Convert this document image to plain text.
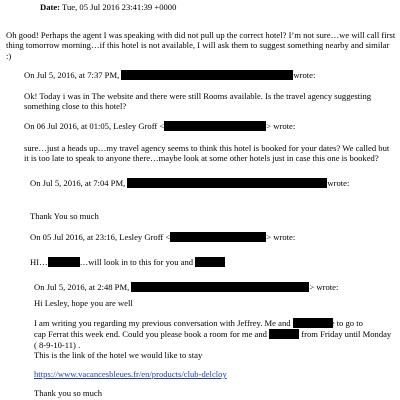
Date: Tue, 05 Jul 2016 23:41:39 +0000
Oh good! Perhaps the agent I was speaking with did not pull up the correct hotel? I’m not sure…we will call first thing tomorrow morning…if this hotel is not available, I will ask them to suggest something nearby and similar :)
On Jul 5, 2016, at 7:37 PM,	wrote:
Ok! Today i was in The website and there were still Rooms available. Is the travel agency suggesting something close to this hotel?
On 06 Jul 2016, at 01:05, Lesley Groff <	> wrote:
sure…just a heads up…my travel agency seems to think this hotel is booked for your dates? We called but it is too late to speak to anyone there…maybe look at some other hotels just in case this one is booked?
On Jul 5, 2016, at 7:04 PM,	wrote:
Thank You so much
On 05 Jul 2016, at 23:16, Lesley Groff <	> wrote:
HI…	…will look in to this for you and
On Jul 5, 2016, at 2:48 PM,	> wrote:
Hi Lesley, hope you are well
I am writing you regarding my previous conversation with Jeffrey. Me and would like to go to
cap Ferrat this week end. Could you please book a room for me and	from Friday until Monday
( 8-9-10-11) .
This is the link of the hotel we would like to stay
https://www.vacancesbleues.fr/en/products/club-delcloy
Thank you so much
